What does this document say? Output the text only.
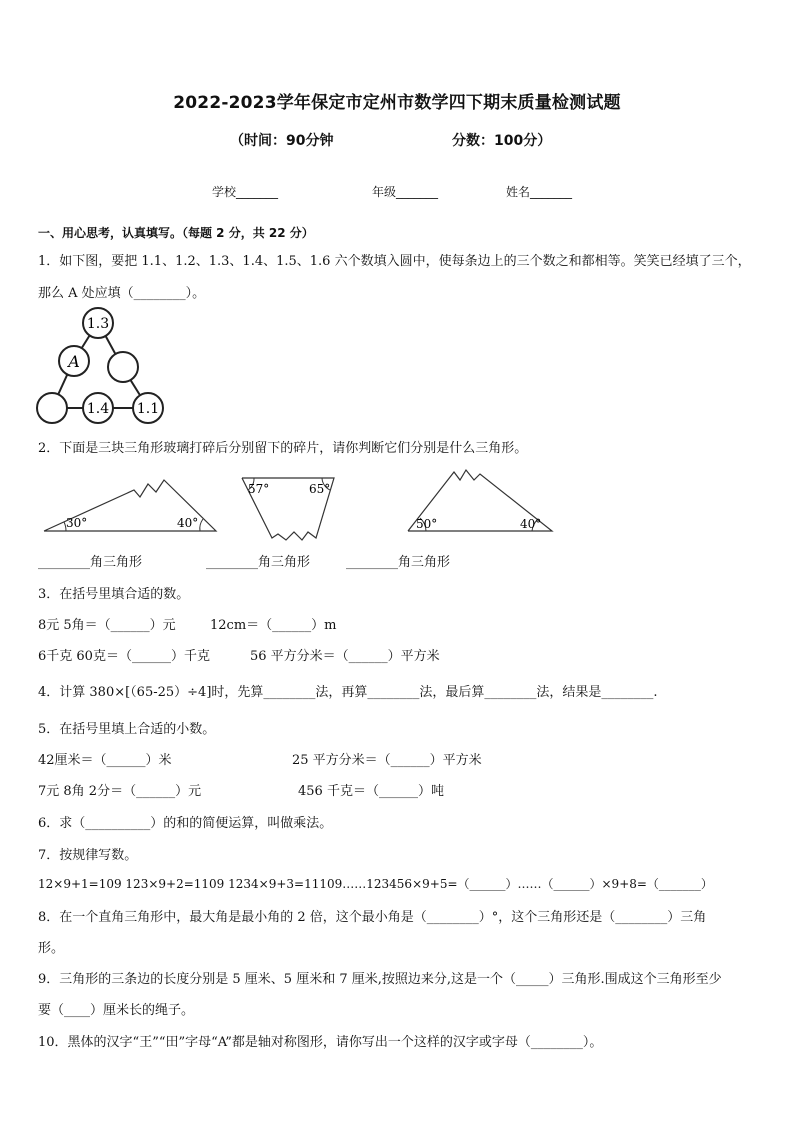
2022-2023学年保定市定州市数学四下期末质量检测试题
（时间：90分钟	分数：100分）
学校_______	年级_______	姓名_______
一、用心思考，认真填写。（每题 2 分，共 22 分）
1．如下图，要把 1.1、1.2、1.3、1.4、1.5、1.6 六个数填入圆中，使每条边上的三个数之和都相等。笑笑已经填了三个，
那么 A 处应填（________）。
1.3
A
1.4 1.1
2．下面是三块三角形玻璃打碎后分别留下的碎片，请你判断它们分别是什么三角形。
30°	40°
57°	65°
50°	40°
________角三角形	________角三角形	________角三角形
3．在括号里填合适的数。
8元 5角＝（______）元	12cm＝（______）m
6千克 60克＝（______）千克	56 平方分米＝（______）平方米
4．计算 380×[（65-25）÷4]时，先算________法，再算________法，最后算________法，结果是________.
5．在括号里填上合适的小数。
42厘米＝（______）米	25 平方分米＝（______）平方米
7元 8角 2分＝（______）元	456 千克＝（______）吨
6．求（__________）的和的简便运算，叫做乘法。
7．按规律写数。
12×9+1=109 123×9+2=1109 1234×9+3=11109……123456×9+5=（______）……（______）×9+8=（_______）
8．在一个直角三角形中，最大角是最小角的 2 倍，这个最小角是（________）°，这个三角形还是（________）三角
形。
9．三角形的三条边的长度分别是 5 厘米、5 厘米和 7 厘米,按照边来分,这是一个（_____）三角形.围成这个三角形至少
要（____）厘米长的绳子。
10．黑体的汉字“王”“田”字母“A”都是轴对称图形，请你写出一个这样的汉字或字母（________）。
